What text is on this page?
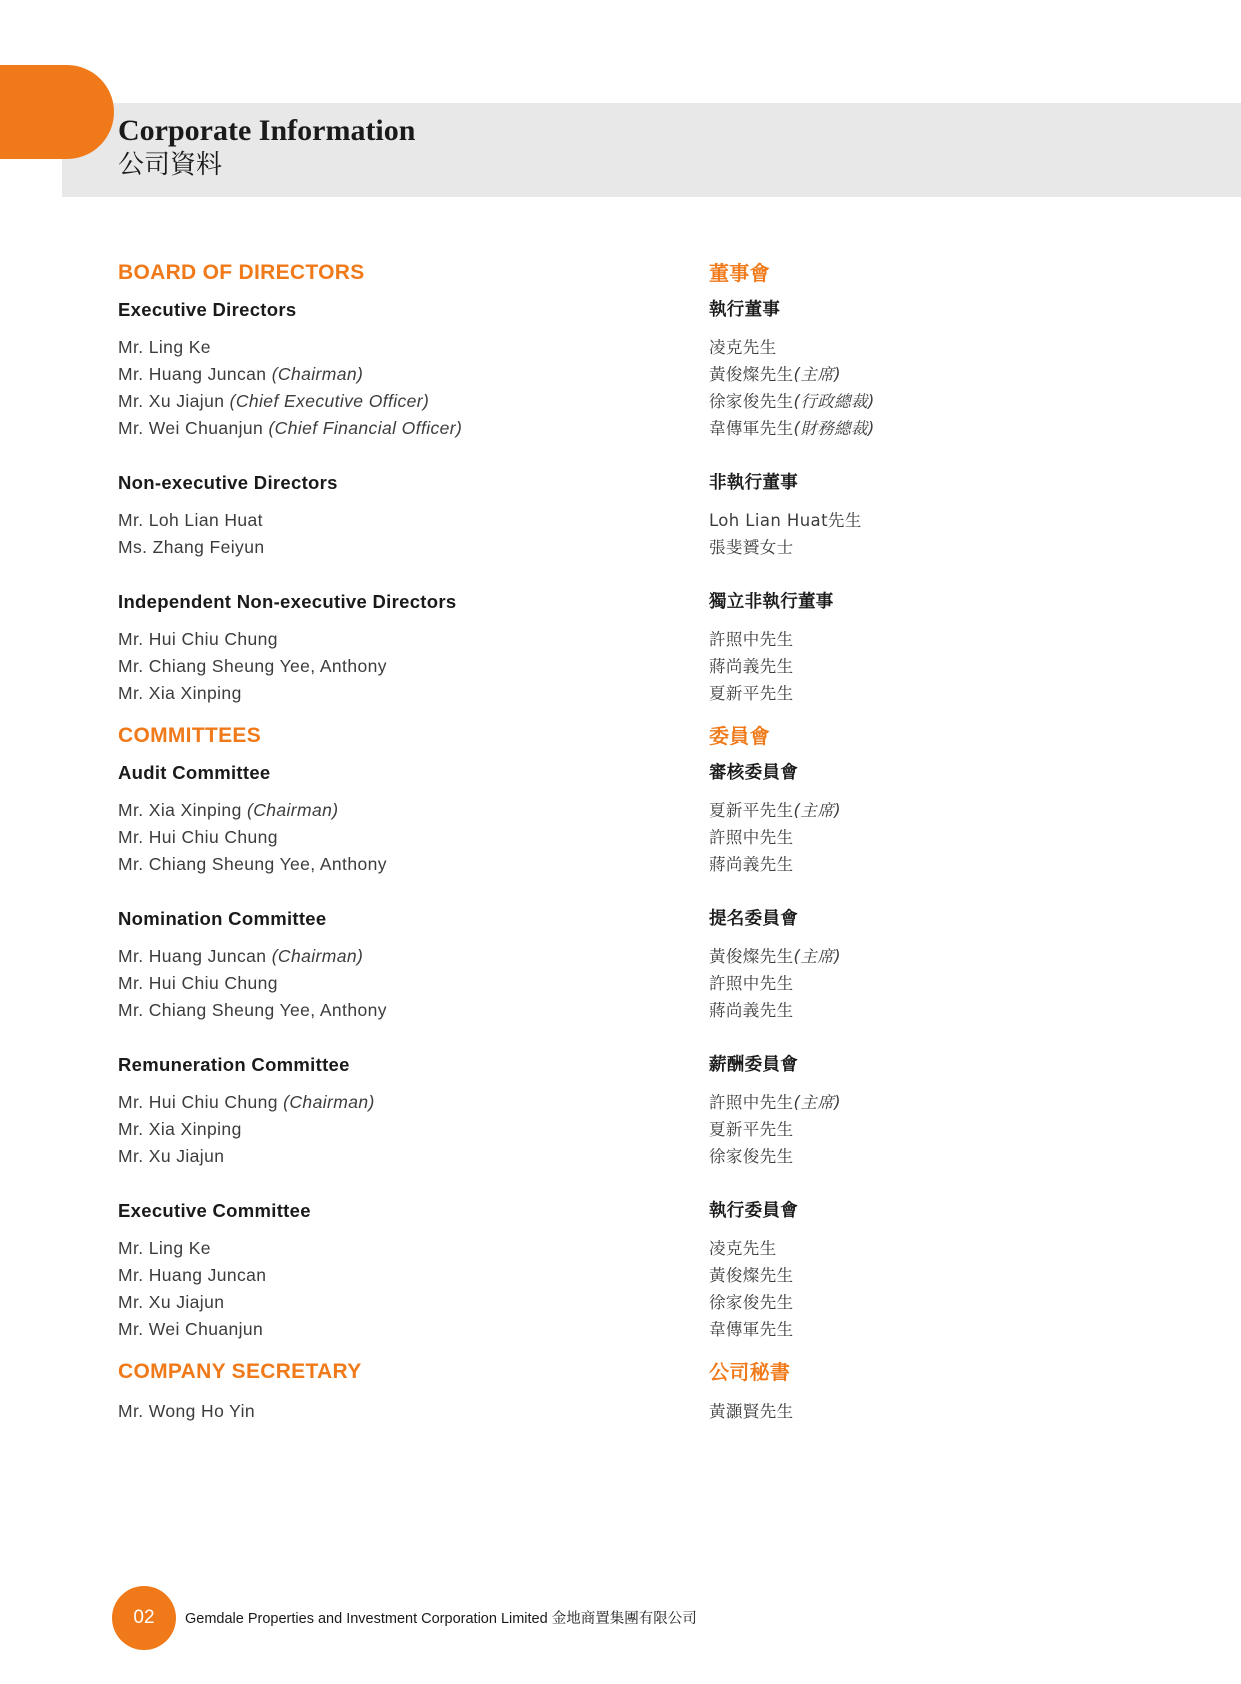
Corporate Information
公司資料
BOARD OF DIRECTORS
Executive Directors
Mr. Ling Ke
Mr. Huang Juncan (Chairman)
Mr. Xu Jiajun (Chief Executive Officer)
Mr. Wei Chuanjun (Chief Financial Officer)
Non-executive Directors
Mr. Loh Lian Huat
Ms. Zhang Feiyun
Independent Non-executive Directors
Mr. Hui Chiu Chung
Mr. Chiang Sheung Yee, Anthony
Mr. Xia Xinping
COMMITTEES
Audit Committee
Mr. Xia Xinping (Chairman)
Mr. Hui Chiu Chung
Mr. Chiang Sheung Yee, Anthony
Nomination Committee
Mr. Huang Juncan (Chairman)
Mr. Hui Chiu Chung
Mr. Chiang Sheung Yee, Anthony
Remuneration Committee
Mr. Hui Chiu Chung (Chairman)
Mr. Xia Xinping
Mr. Xu Jiajun
Executive Committee
Mr. Ling Ke
Mr. Huang Juncan
Mr. Xu Jiajun
Mr. Wei Chuanjun
COMPANY SECRETARY
Mr. Wong Ho Yin
董事會
執行董事
凌克先生
黃俊燦先生(主席)
徐家俊先生(行政總裁)
韋傳軍先生(財務總裁)
非執行董事
Loh Lian Huat先生
張斐贇女士
獨立非執行董事
許照中先生
蔣尚義先生
夏新平先生
委員會
審核委員會
夏新平先生(主席)
許照中先生
蔣尚義先生
提名委員會
黃俊燦先生(主席)
許照中先生
蔣尚義先生
薪酬委員會
許照中先生(主席)
夏新平先生
徐家俊先生
執行委員會
凌克先生
黃俊燦先生
徐家俊先生
韋傳軍先生
公司秘書
黃灝賢先生
02	Gemdale Properties and Investment Corporation Limited 金地商置集團有限公司
